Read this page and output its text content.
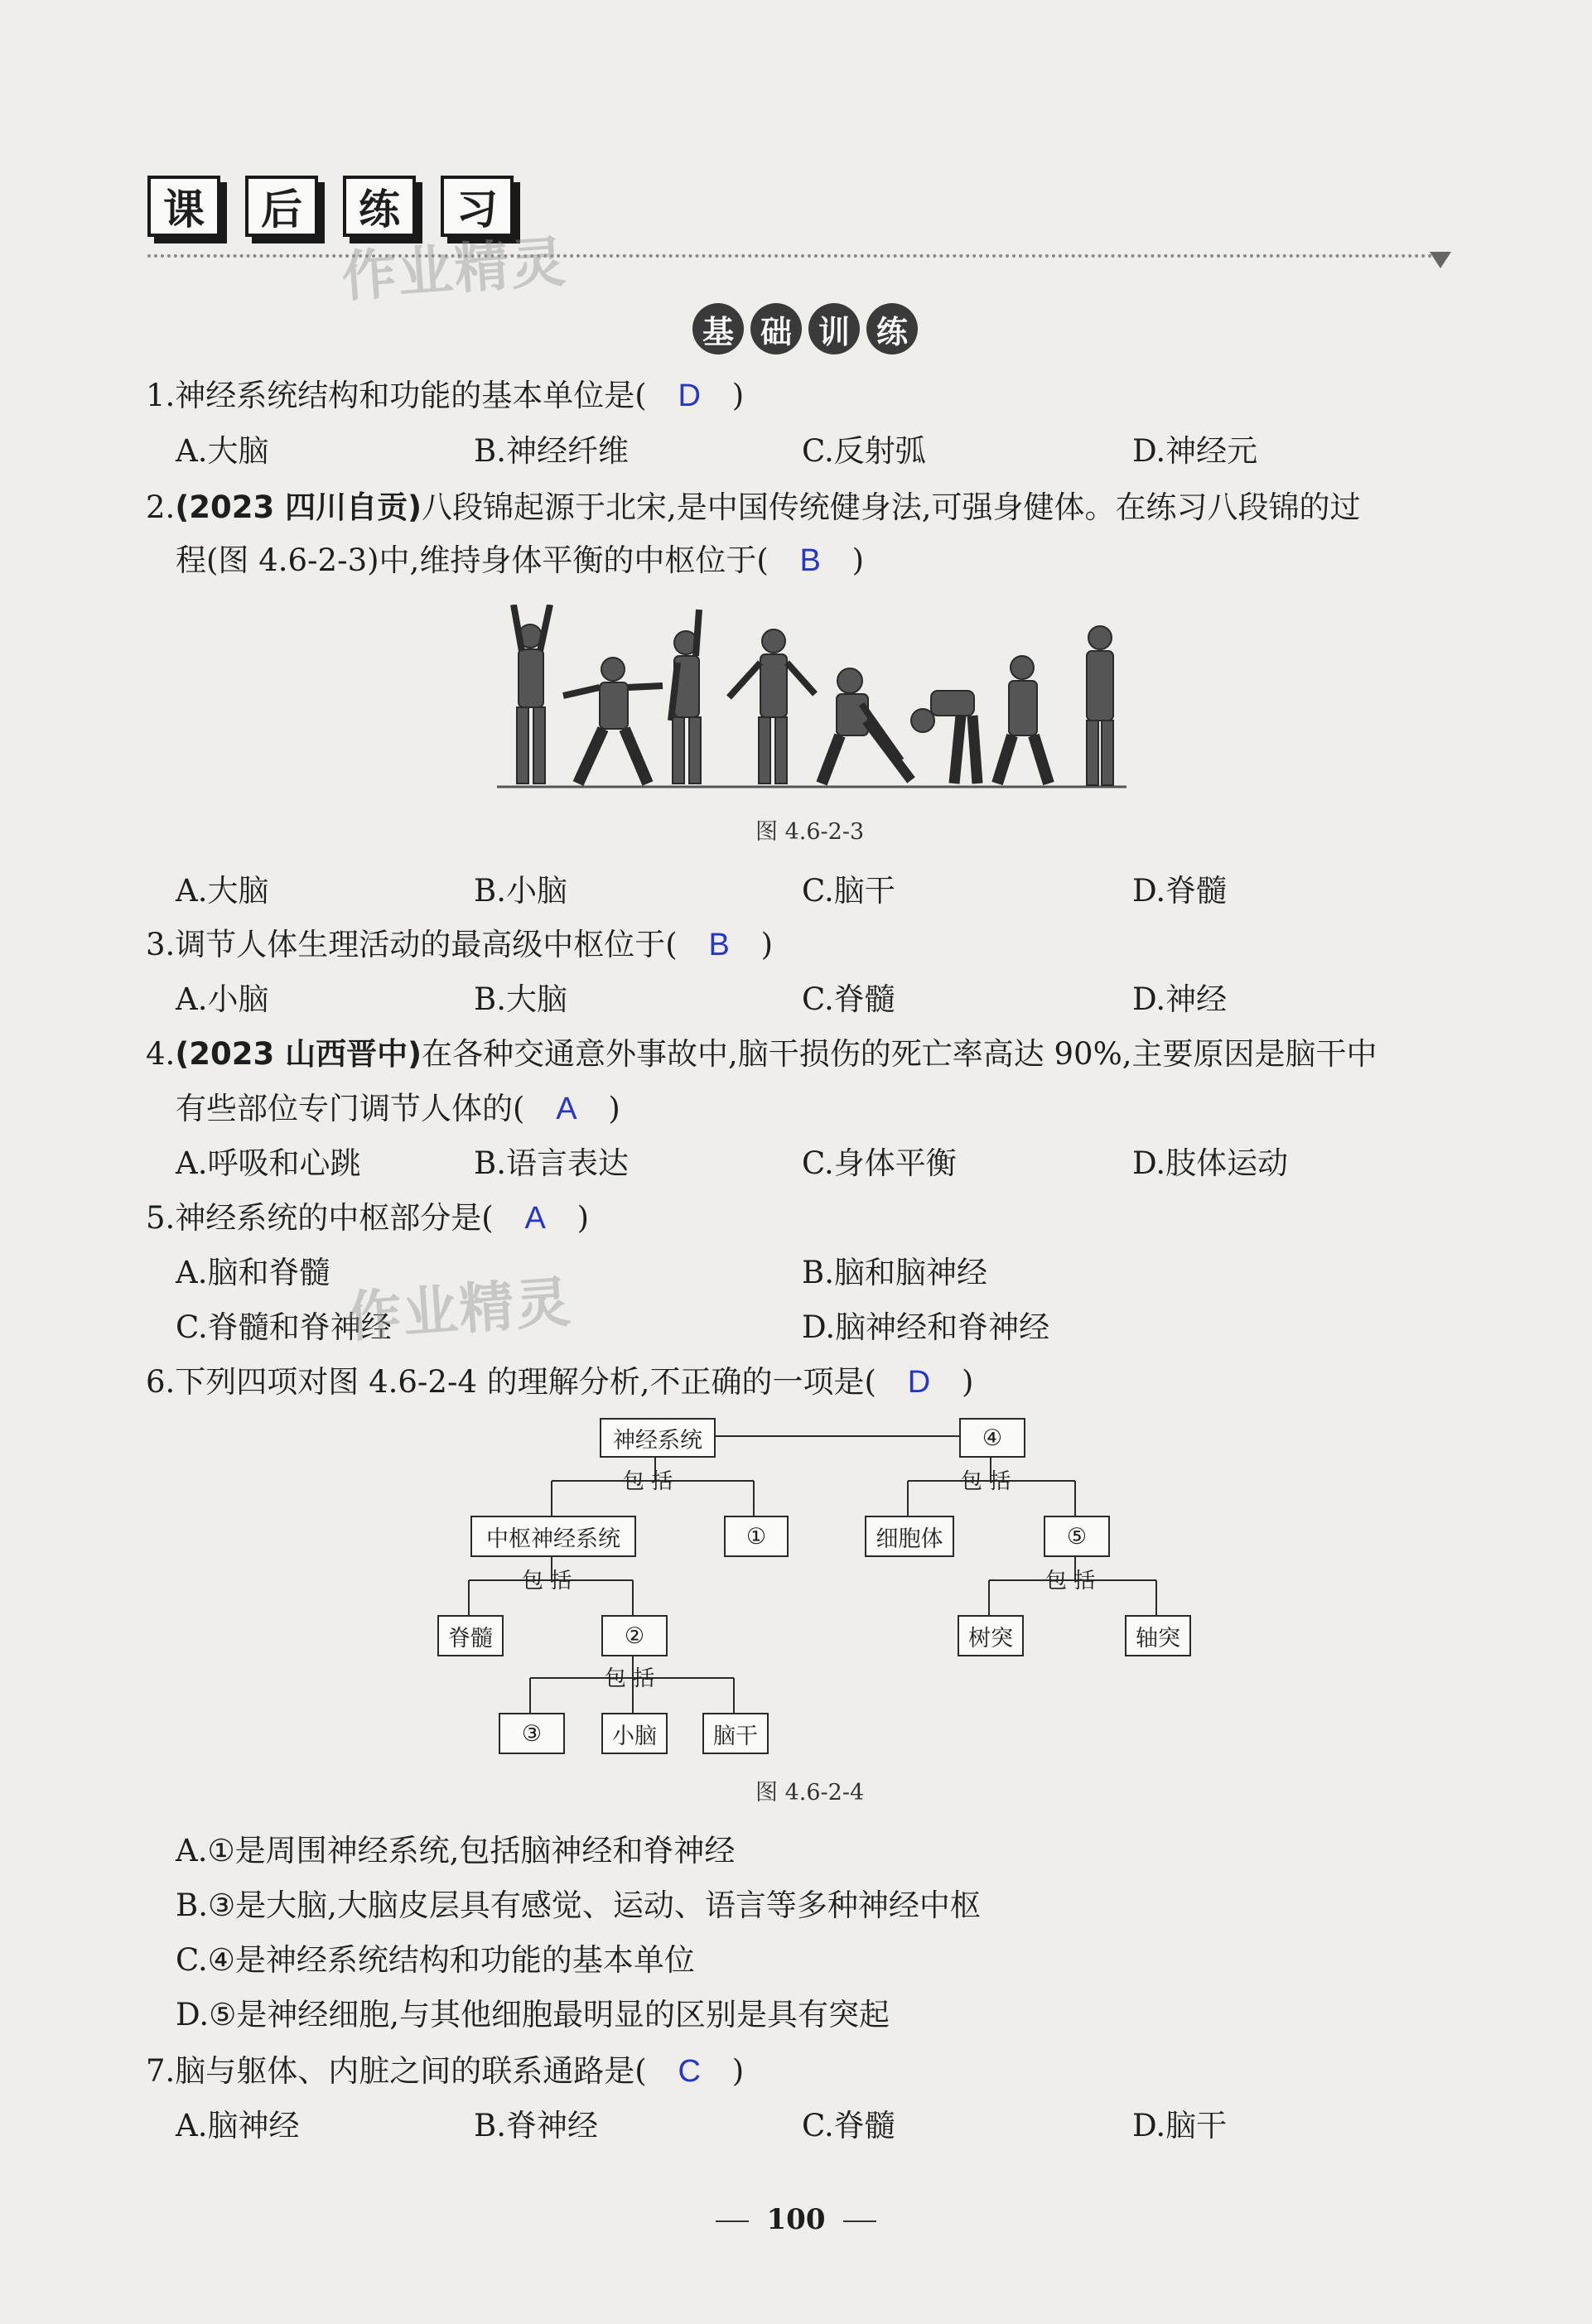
课	后	练	习
作业精灵
基 础 训 练
1.神经系统结构和功能的基本单位是( D )
A.大脑	B.神经纤维	C.反射弧	D.神经元
2.(2023 四川自贡)八段锦起源于北宋,是中国传统健身法,可强身健体。在练习八段锦的过
程(图 4.6-2-3)中,维持身体平衡的中枢位于( B )
图 4.6-2-3
A.大脑	B.小脑	C.脑干	D.脊髓
3.调节人体生理活动的最高级中枢位于( B )
A.小脑	B.大脑	C.脊髓	D.神经
4.(2023 山西晋中)在各种交通意外事故中,脑干损伤的死亡率高达 90%,主要原因是脑干中
有些部位专门调节人体的( A )
A.呼吸和心跳	B.语言表达	C.身体平衡	D.肢体运动
5.神经系统的中枢部分是( A )
A.脑和脊髓	B.脑和脑神经
C.脊髓和脊神经	D.脑神经和脊神经
作业精灵
6.下列四项对图 4.6-2-4 的理解分析,不正确的一项是( D )
神经系统	④
包 括	包 括
中枢神经系统	①	细胞体	⑤
包 括	包 括
脊髓	②	树突	轴突
包 括
③	小脑	脑干
图 4.6-2-4
A.①是周围神经系统,包括脑神经和脊神经
B.③是大脑,大脑皮层具有感觉、运动、语言等多种神经中枢
C.④是神经系统结构和功能的基本单位
D.⑤是神经细胞,与其他细胞最明显的区别是具有突起
7.脑与躯体、内脏之间的联系通路是( C )
A.脑神经	B.脊神经	C.脊髓	D.脑干
100
